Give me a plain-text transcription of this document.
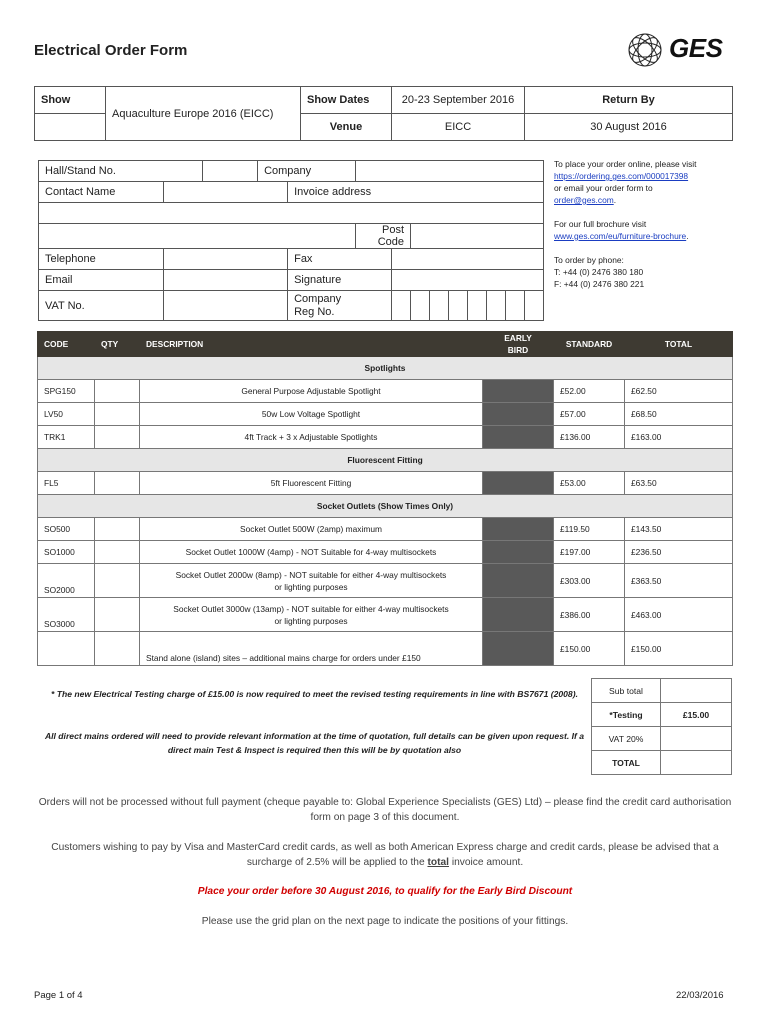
Electrical Order Form	GES
Show	Aquaculture Europe 2016 (EICC)	Show Dates	20-23 September 2016	Return By
		Venue	EICC	30 August 2016
Hall/Stand No.			Company										
Contact Name				Invoice address									

					Post Code								
Telephone				Fax									
Email				Signature									
VAT No.				Company
Reg No.									

To place your order online, please visit
https://ordering.ges.com/000017398
or email your order form to
order@ges.com.
For our full brochure visit
www.ges.com/eu/furniture-brochure.
To order by phone:
T: +44 (0) 2476 380 180
F: +44 (0) 2476 380 221
CODE	QTY	DESCRIPTION	EARLY
BIRD	STANDARD	TOTAL
Spotlights					
SPG150		General Purpose Adjustable Spotlight		£52.00	£62.50
LV50		50w Low Voltage Spotlight		£57.00	£68.50
TRK1		4ft Track + 3 x Adjustable Spotlights		£136.00	£163.00
Fluorescent Fitting					
FL5		5ft Fluorescent Fitting		£53.00	£63.50
Socket Outlets (Show Times Only)					
SO500		Socket Outlet 500W (2amp) maximum		£119.50	£143.50
SO1000		Socket Outlet 1000W (4amp) - NOT Suitable for 4-way multisockets		£197.00	£236.50
SO2000		Socket Outlet 2000w (8amp) - NOT suitable for either 4-way multisockets
or lighting purposes		£303.00	£363.50
SO3000		Socket Outlet 3000w (13amp) - NOT suitable for either 4-way multisockets
or lighting purposes		£386.00	£463.00
		Stand alone (island) sites – additional mains charge for orders under £150		£150.00	£150.00
* The new Electrical Testing charge of £15.00 is now required to meet the revised testing requirements in line with BS7671 (2008).
All direct mains ordered will need to provide relevant information at the time of quotation, full details can be given upon request. If a direct main Test & Inspect is required then this will be by quotation also
Sub total	
*Testing	£15.00
VAT 20%	
TOTAL	
Orders will not be processed without full payment (cheque payable to: Global Experience Specialists (GES) Ltd) – please find the credit card authorisation form on page 3 of this document.
Customers wishing to pay by Visa and MasterCard credit cards, as well as both American Express charge and credit cards, please be advised that a surcharge of 2.5% will be applied to the total invoice amount.
Place your order before 30 August 2016, to qualify for the Early Bird Discount
Please use the grid plan on the next page to indicate the positions of your fittings.
Page 1 of 4	22/03/2016
